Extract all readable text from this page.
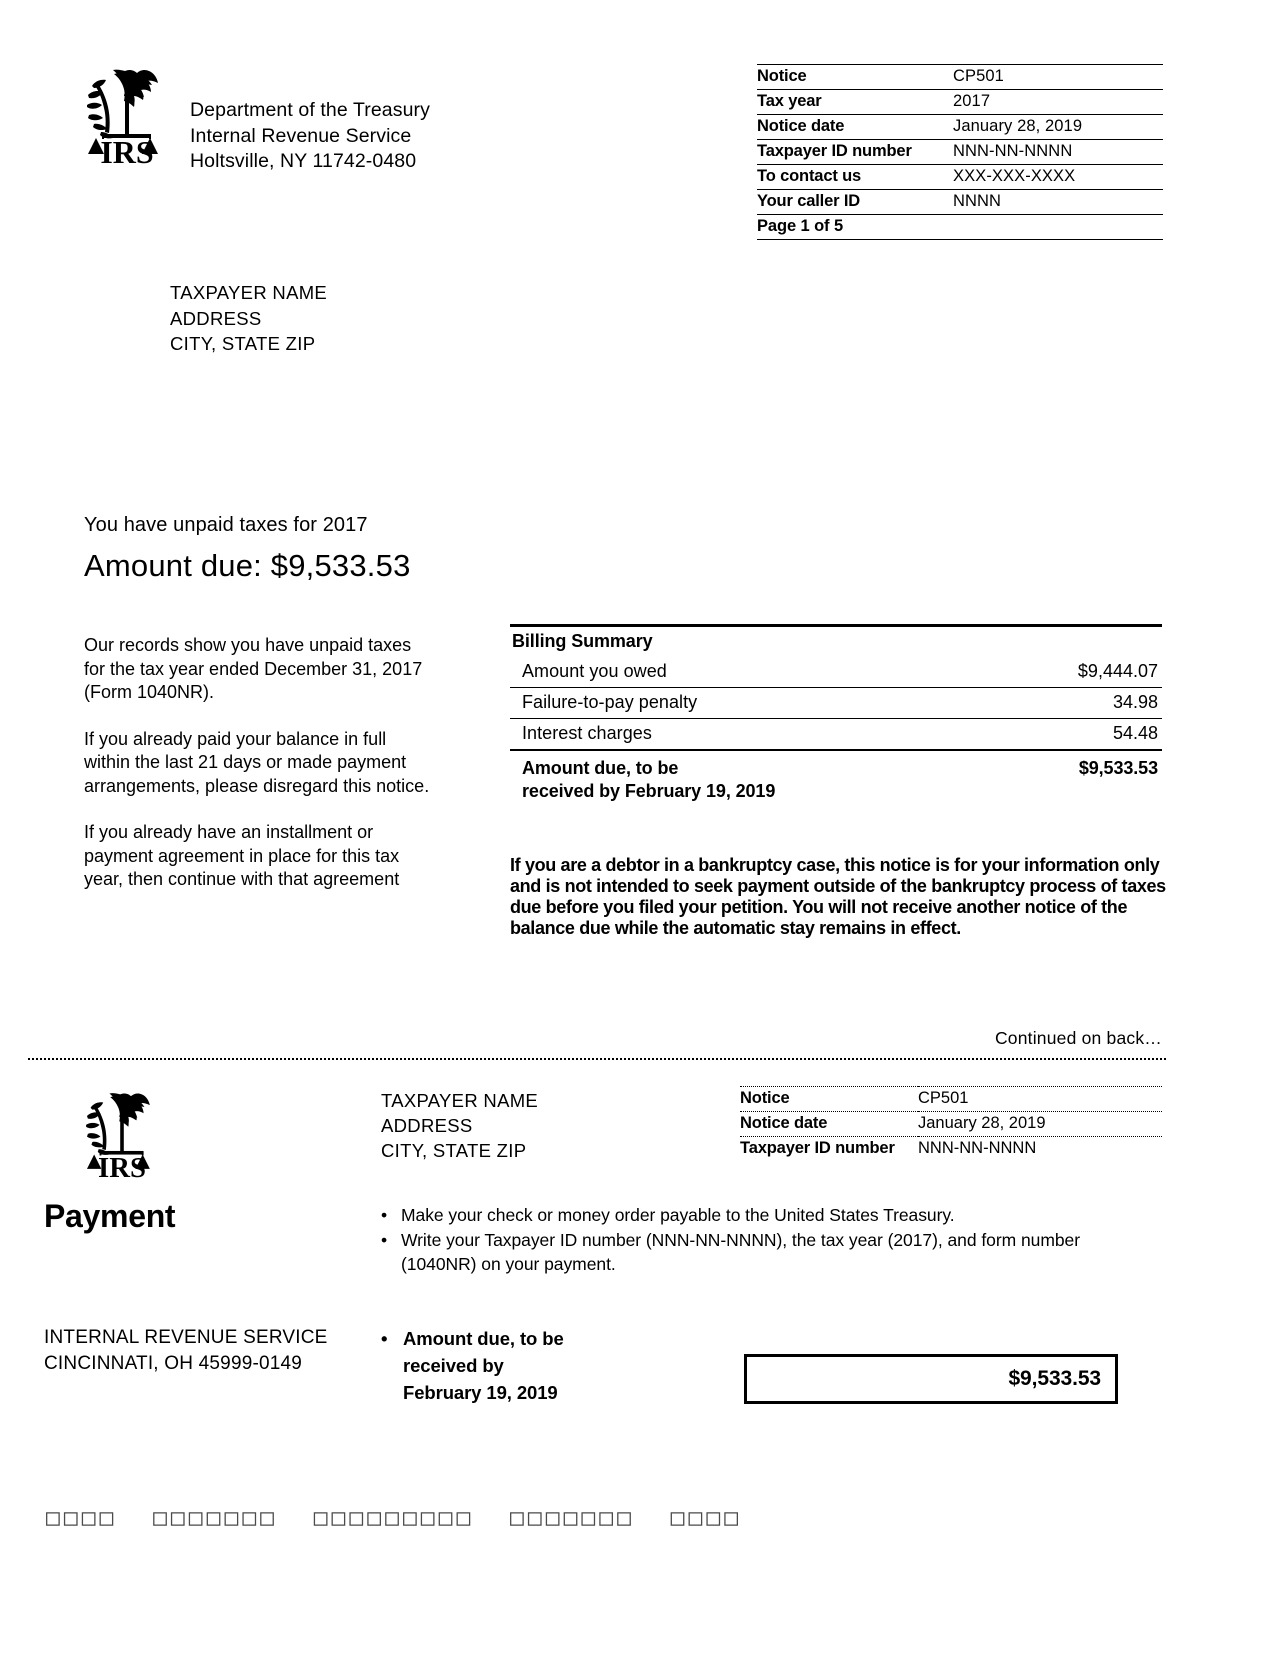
IRS
Department of the Treasury
Internal Revenue Service
Holtsville, NY 11742-0480
Notice	CP501
Tax year	2017
Notice date	January 28, 2019
Taxpayer ID number	NNN-NN-NNNN
To contact us	XXX-XXX-XXXX
Your caller ID	NNNN
Page 1 of 5	
TAXPAYER NAME
ADDRESS
CITY, STATE ZIP
You have unpaid taxes for 2017
Amount due: $9,533.53

Our records show you have unpaid taxes for the tax year ended December 31, 2017 (Form 1040NR).

If you already paid your balance in full within the last 21 days or made payment arrangements, please disregard this notice.

If you already have an installment or payment agreement in place for this tax year, then continue with that agreement

Billing Summary
Amount you owed	$9,444.07
Failure-to-pay penalty	34.98
Interest charges	54.48
Amount due, to be
received by February 19, 2019	$9,533.53
If you are a debtor in a bankruptcy case, this notice is for your information only and is not intended to seek payment outside of the bankruptcy process of taxes due before you filed your petition. You will not receive another notice of the balance due while the automatic stay remains in effect.
Continued on back…
IRS
Payment
TAXPAYER NAME
ADDRESS
CITY, STATE ZIP
Notice	CP501
Notice date	January 28, 2019
Taxpayer ID number	NNN-NN-NNNN
• Make your check or money order payable to the United States Treasury.
• Write your Taxpayer ID number (NNN-NN-NNNN), the tax year (2017), and form number (1040NR) on your payment.
INTERNAL REVENUE SERVICE
CINCINNATI, OH 45999-0149
• Amount due, to be
received by
February 19, 2019
$9,533.53
□□□□  □□□□□□□  □□□□□□□□□  □□□□□□□  □□□□
